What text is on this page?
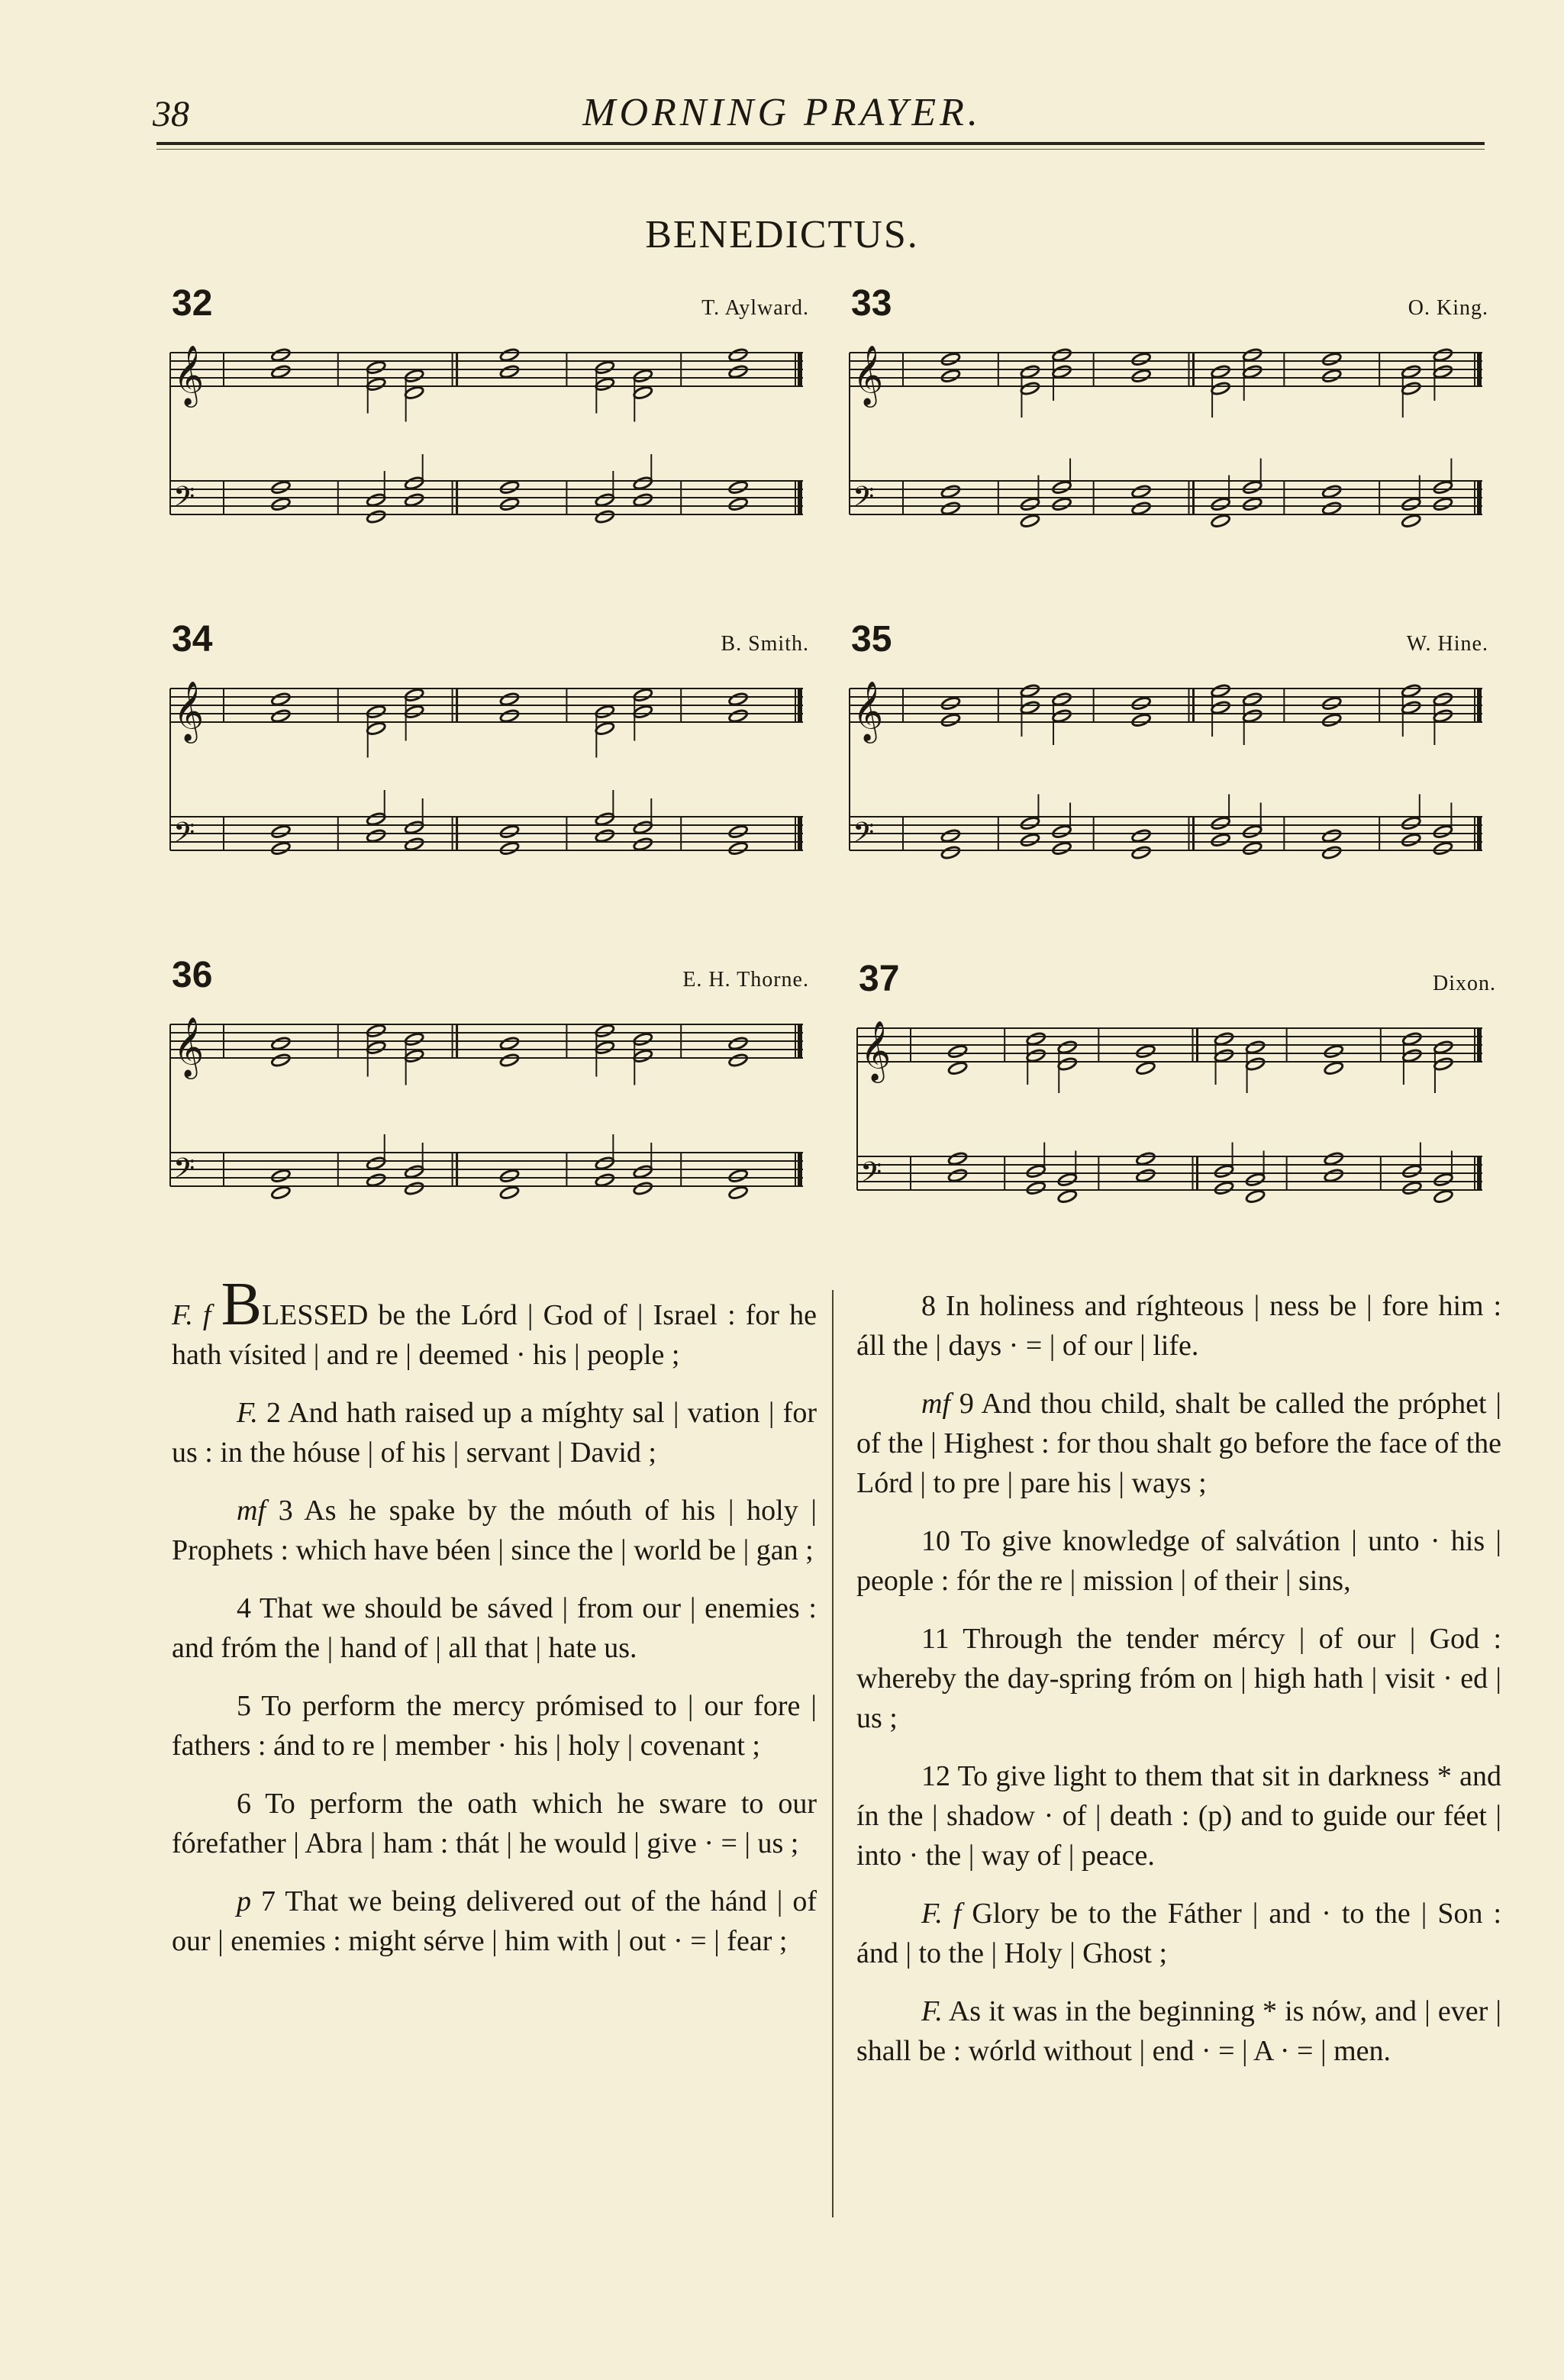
38	MORNING PRAYER.
BENEDICTUS.
32	T. Aylward.
𝄞
𝄢
33	O. King.
𝄞
𝄢
34	B. Smith.
𝄞
𝄢
35	W. Hine.
𝄞
𝄢
36	E. H. Thorne.
𝄞
𝄢
37	Dixon.
𝄞
𝄢

F. f BLESSED be the Lórd | God of | Israel : for he hath vísited | and re | deemed · his | people ;

F. 2 And hath raised up a míghty sal | vation | for us : in the hóuse | of his | servant | David ;

mf 3 As he spake by the móuth of his | holy | Prophets : which have béen | since the | world be | gan ;

4 That we should be sáved | from our | enemies : and fróm the | hand of | all that | hate us.

5 To perform the mercy prómised to | our fore | fathers : ánd to re | member · his | holy | covenant ;

6 To perform the oath which he sware to our fórefather | Abra | ham : thát | he would | give · = | us ;

p 7 That we being delivered out of the hánd | of our | enemies : might sérve | him with | out · = | fear ;

8 In holiness and ríghteous | ness be | fore him : áll the | days · = | of our | life.

mf 9 And thou child, shalt be called the próphet | of the | Highest : for thou shalt go before the face of the Lórd | to pre | pare his | ways ;

10 To give knowledge of salvátion | unto · his | people : fór the re | mission | of their | sins,

11 Through the tender mércy | of our | God : whereby the day-spring fróm on | high hath | visit · ed | us ;

12 To give light to them that sit in darkness * and ín the | shadow · of | death : (p) and to guide our féet | into · the | way of | peace.

F. f Glory be to the Fáther | and · to the | Son : ánd | to the | Holy | Ghost ;

F. As it was in the beginning * is nów, and | ever | shall be : wórld without | end · = | A · = | men.
